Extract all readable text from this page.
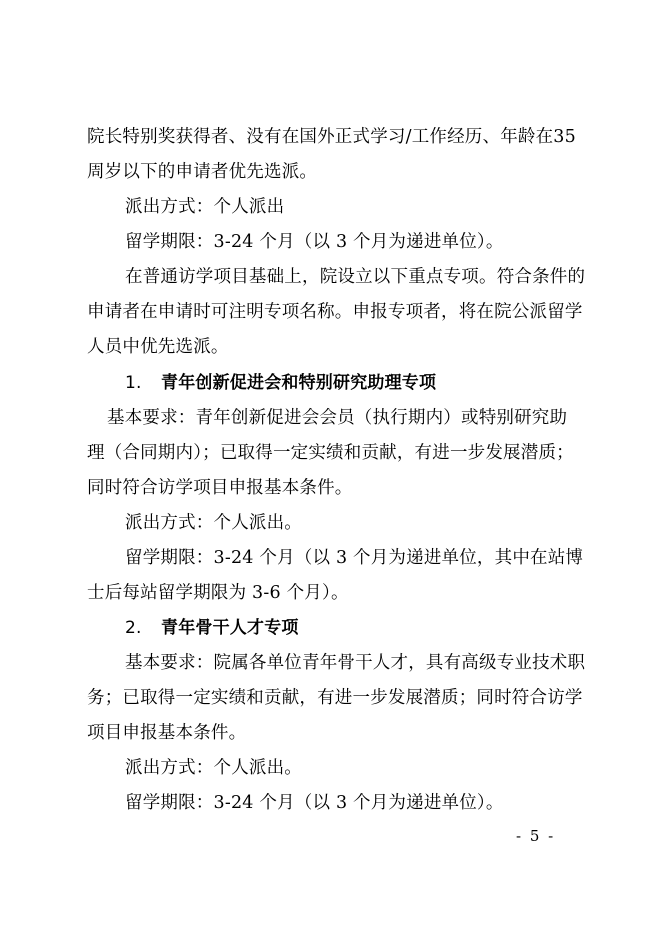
院长特别奖获得者、没有在国外正式学习/工作经历、年龄在35
周岁以下的申请者优先选派。
派出方式：个人派出
留学期限：3-24 个月（以 3 个月为递进单位）。
在普通访学项目基础上，院设立以下重点专项。符合条件的
申请者在申请时可注明专项名称。申报专项者，将在院公派留学
人员中优先选派。
1. 青年创新促进会和特别研究助理专项
基本要求：青年创新促进会会员（执行期内）或特别研究助
理（合同期内）；已取得一定实绩和贡献，有进一步发展潜质；
同时符合访学项目申报基本条件。
派出方式：个人派出。
留学期限：3-24 个月（以 3 个月为递进单位，其中在站博
士后每站留学期限为 3-6 个月）。
2. 青年骨干人才专项
基本要求：院属各单位青年骨干人才，具有高级专业技术职
务；已取得一定实绩和贡献，有进一步发展潜质；同时符合访学
项目申报基本条件。
派出方式：个人派出。
留学期限：3-24 个月（以 3 个月为递进单位）。
- 5 -
